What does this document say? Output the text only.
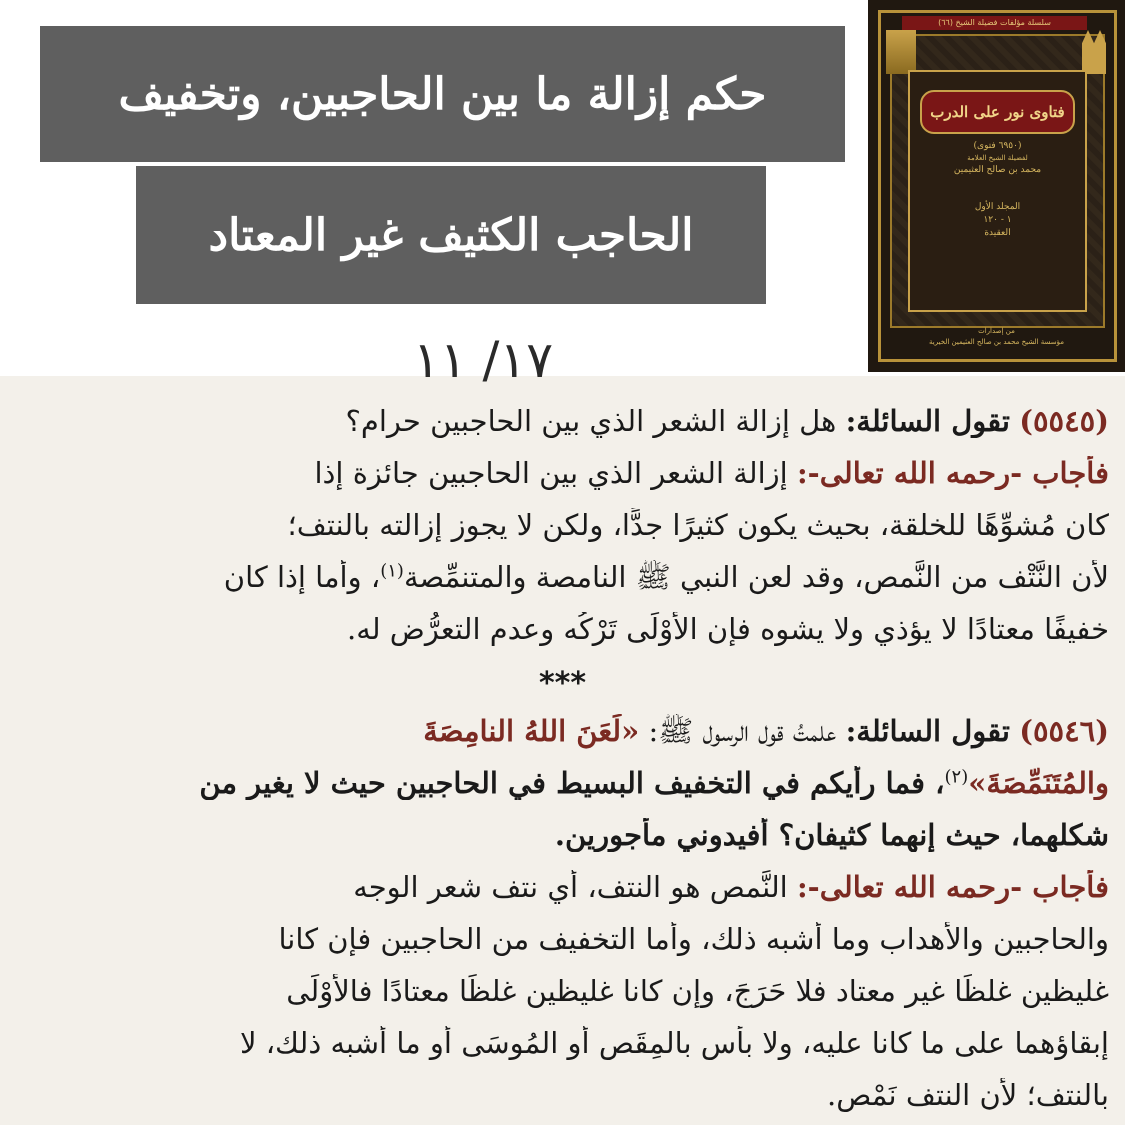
حكم إزالة ما بين الحاجبين، وتخفيف
الحاجب الكثيف غير المعتاد
سلسلة مؤلفات فضيلة الشيخ (٦٦)
فتاوى نور على الدرب
(٦٩٥٠ فتوى)
لفضيلة الشيخ العلامة
محمد بن صالح العثيمين
المجلد الأول
١ - ١٢٠
العقيدة
من إصدارات
مؤسسة الشيخ محمد بن صالح العثيمين الخيرية
١٧/ ١١
(٥٥٤٥) تقول السائلة: هل إزالة الشعر الذي بين الحاجبين حرام؟
فأجاب -رحمه الله تعالى-: إزالة الشعر الذي بين الحاجبين جائزة إذا
كان مُشوِّهًا للخلقة، بحيث يكون كثيرًا جدًّا، ولكن لا يجوز إزالته بالنتف؛
لأن النَّتْف من النَّمص، وقد لعن النبي ﷺ النامصة والمتنمِّصة$^{(١)}$، وأما إذا كان
خفيفًا معتادًا لا يؤذي ولا يشوه فإن الأَوْلَى تَرْكُه وعدم التعرُّض له.
***
(٥٥٤٦) تقول السائلة: علمتُ قول الرسول ﷺ: «لَعَنَ اللهُ النامِصَةَ
والمُتَنَمِّصَةَ»$^{(٢)}$، فما رأيكم في التخفيف البسيط في الحاجبين حيث لا يغير من
شكلهما، حيث إنهما كثيفان؟ أفيدوني مأجورين.
فأجاب -رحمه الله تعالى-: النَّمص هو النتف، أي نتف شعر الوجه
والحاجبين والأهداب وما أشبه ذلك، وأما التخفيف من الحاجبين فإن كانا
غليظين غلظًا غير معتاد فلا حَرَجَ، وإن كانا غليظين غلظًا معتادًا فالأَوْلَى
إبقاؤهما على ما كانا عليه، ولا بأس بالمِقَص أو المُوسَى أو ما أشبه ذلك، لا
بالنتف؛ لأن النتف نَمْص.
